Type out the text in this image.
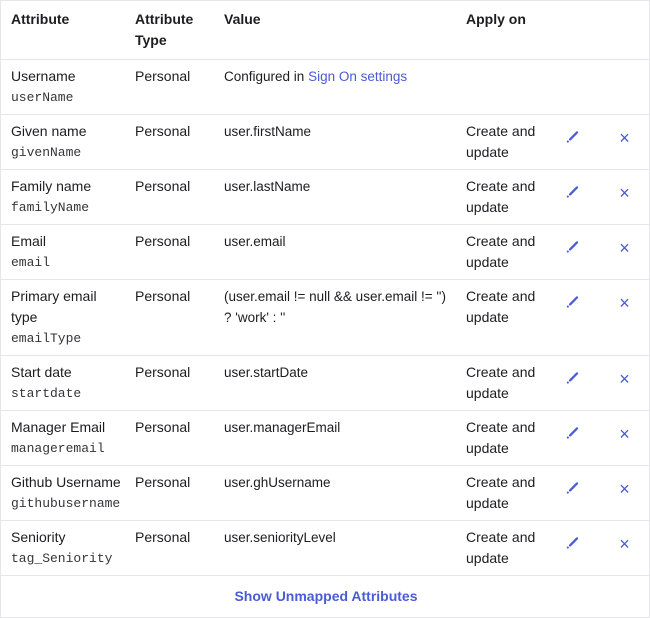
Attribute	Attribute Type	Value	Apply on		

Username
userName	Personal	Configured in Sign On settings			

Given name
givenName	Personal	user.firstName	Create and update		×

Family name
familyName	Personal	user.lastName	Create and update		×

Email
email	Personal	user.email	Create and update		×

Primary email type
emailType	Personal	(user.email != null && user.email != '') ? 'work' : ''	Create and update		×

Start date
startdate	Personal	user.startDate	Create and update		×

Manager Email
manageremail	Personal	user.managerEmail	Create and update		×

Github Username
githubusername	Personal	user.ghUsername	Create and update		×

Seniority
tag_Seniority	Personal	user.seniorityLevel	Create and update		×
Show Unmapped Attributes					
